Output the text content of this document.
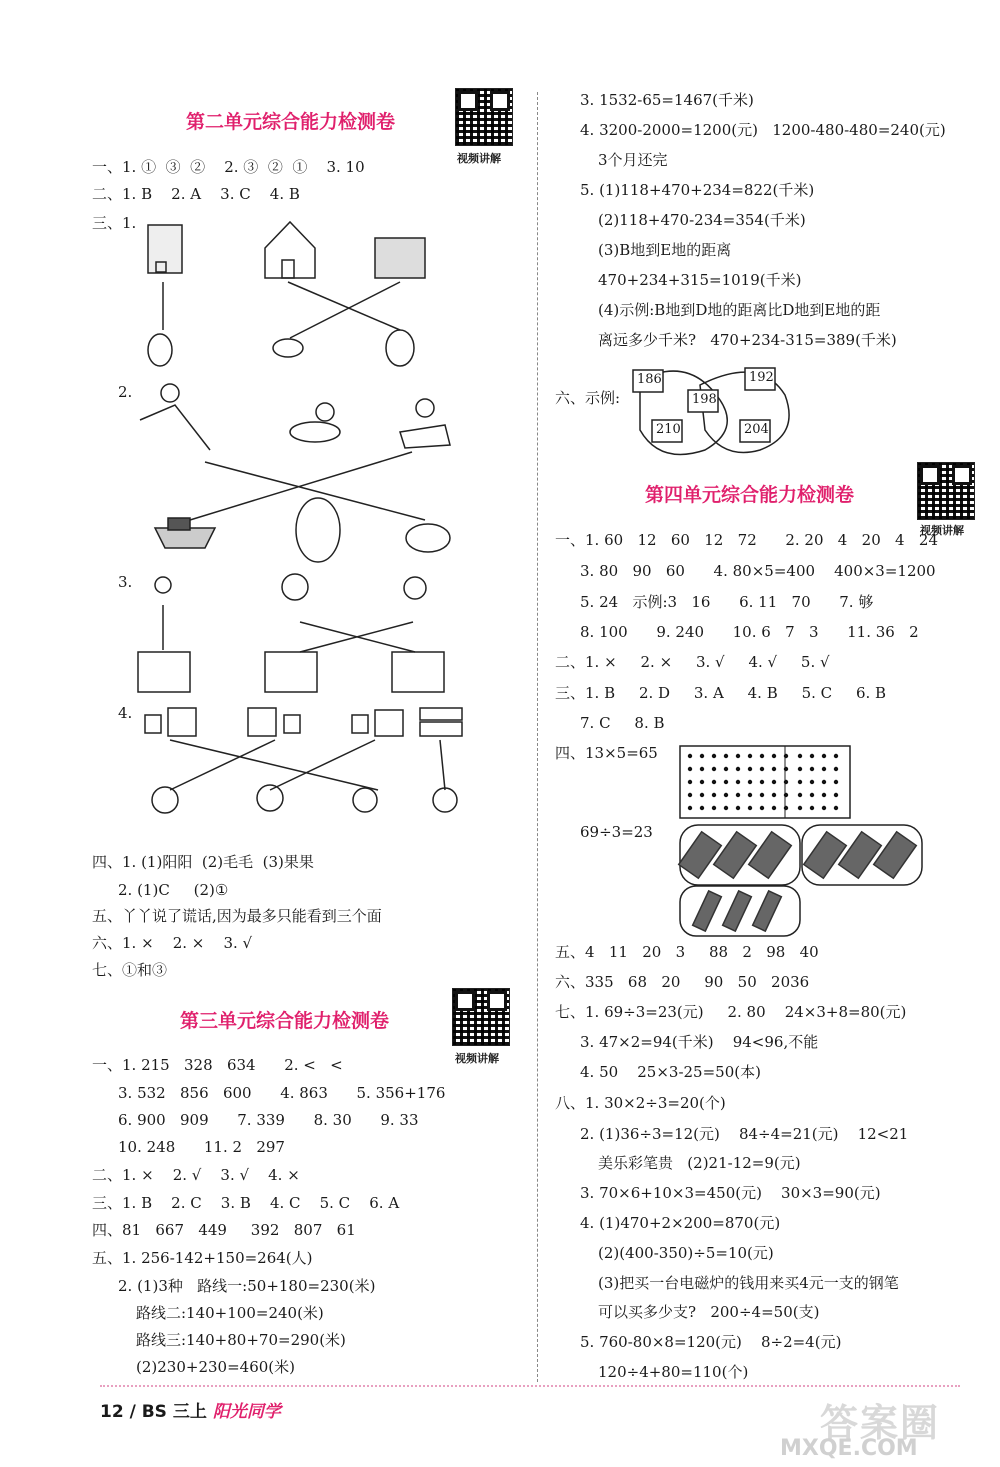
第二单元综合能力检测卷
视频讲解
一、1. ①  ③  ②    2. ③  ②  ①    3. 10
二、1. B    2. A    3. C    4. B
三、1.
2.
3.
4.
四、1. (1)阳阳  (2)毛毛  (3)果果
2. (1)C     (2)①
五、丫丫说了谎话,因为最多只能看到三个面
六、1. ×    2. ×    3. √
七、①和③
第三单元综合能力检测卷
视频讲解
一、1. 215   328   634      2. <   <
3. 532   856   600      4. 863      5. 356+176
6. 900   909      7. 339      8. 30      9. 33
10. 248      11. 2   297
二、1. ×    2. √    3. √    4. ×
三、1. B    2. C    3. B    4. C    5. C    6. A
四、81   667   449     392   807   61
五、1. 256-142+150=264(人)
2. (1)3种   路线一:50+180=230(米)
路线二:140+100=240(米)
路线三:140+80+70=290(米)
(2)230+230=460(米)
3. 1532-65=1467(千米)
4. 3200-2000=1200(元)   1200-480-480=240(元)
3个月还完
5. (1)118+470+234=822(千米)
(2)118+470-234=354(千米)
(3)B地到E地的距离
470+234+315=1019(千米)
(4)示例:B地到D地的距离比D地到E地的距
离远多少千米?   470+234-315=389(千米)
六、示例:
186	192
198
210	204
第四单元综合能力检测卷
视频讲解
一、1. 60   12   60   12   72      2. 20   4   20   4   24
3. 80   90   60      4. 80×5=400    400×3=1200
5. 24   示例:3   16      6. 11   70      7. 够
8. 100      9. 240      10. 6   7   3      11. 36   2
二、1. ×     2. ×     3. √     4. √     5. √
三、1. B     2. D     3. A     4. B     5. C     6. B
7. C     8. B
四、13×5=65
69÷3=23
五、4   11   20   3     88   2   98   40
六、335   68   20     90   50   2036
七、1. 69÷3=23(元)     2. 80    24×3+8=80(元)
3. 47×2=94(千米)    94<96,不能
4. 50    25×3-25=50(本)
八、1. 30×2÷3=20(个)
2. (1)36÷3=12(元)    84÷4=21(元)    12<21
美乐彩笔贵   (2)21-12=9(元)
3. 70×6+10×3=450(元)    30×3=90(元)
4. (1)470+2×200=870(元)
(2)(400-350)÷5=10(元)
(3)把买一台电磁炉的钱用来买4元一支的钢笔
可以买多少支?   200÷4=50(支)
5. 760-80×8=120(元)    8÷2=4(元)
120÷4+80=110(个)
12 / BS 三上 阳光同学	答案圈
MXQE.COM
